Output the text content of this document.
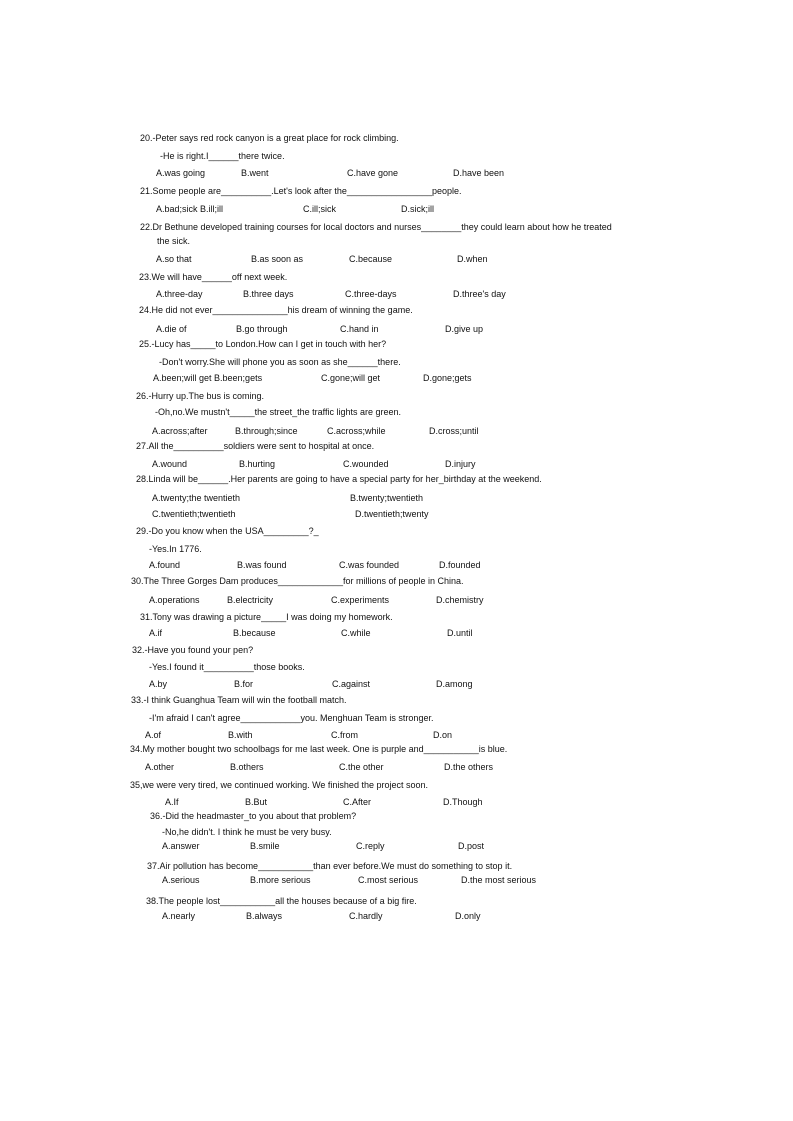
20.-Peter says red rock canyon is a great place for rock climbing.
-He is right.I______there twice.
A.was going	B.went	C.have gone	D.have been
21.Some people are__________.Let's look after the_________________people.
A.bad;sick B.ill;ill	C.ill;sick	D.sick;ill
22.Dr Bethune developed training courses for local doctors and nurses________they could learn about how he treated
the sick.
A.so that	B.as soon as	C.because	D.when
23.We will have______off next week.
A.three-day	B.three days	C.three-days	D.three's day
24.He did not ever_______________his dream of winning the game.
A.die of	B.go through	C.hand in	D.give up
25.-Lucy has_____to London.How can I get in touch with her?
-Don't worry.She will phone you as soon as she______there.
A.been;will get B.been;gets	C.gone;will get	D.gone;gets
26.-Hurry up.The bus is coming.
-Oh,no.We mustn't_____the street_the traffic lights are green.
A.across;after	B.through;since	C.across;while	D.cross;until
27.All the__________soldiers were sent to hospital at once.
A.wound	B.hurting	C.wounded	D.injury
28.Linda will be______.Her parents are going to have a special party for her_birthday at the weekend.
A.twenty;the twentieth	B.twenty;twentieth
C.twentieth;twentieth	D.twentieth;twenty
29.-Do you know when the USA_________?_
-Yes.In 1776.
A.found	B.was found	C.was founded	D.founded
30.The Three Gorges Dam produces_____________for millions of people in China.
A.operations	B.electricity	C.experiments	D.chemistry
31.Tony was drawing a picture_____I was doing my homework.
A.if	B.because	C.while	D.until
32.-Have you found your pen?
-Yes.I found it__________those books.
A.by	B.for	C.against	D.among
33.-I think Guanghua Team will win the football match.
-I'm afraid I can't agree____________you. Menghuan Team is stronger.
A.of	B.with	C.from	D.on
34.My mother bought two schoolbags for me last week. One is purple and___________is blue.
A.other	B.others	C.the other	D.the others
35,we were very tired, we continued working. We finished the project soon.
A.If	B.But	C.After	D.Though
36.-Did the headmaster_to you about that problem?
-No,he didn't. I think he must be very busy.
A.answer	B.smile	C.reply	D.post
37.Air pollution has become___________than ever before.We must do something to stop it.
A.serious	B.more serious	C.most serious	D.the most serious
38.The people lost___________all the houses because of a big fire.
A.nearly	B.always	C.hardly	D.only
